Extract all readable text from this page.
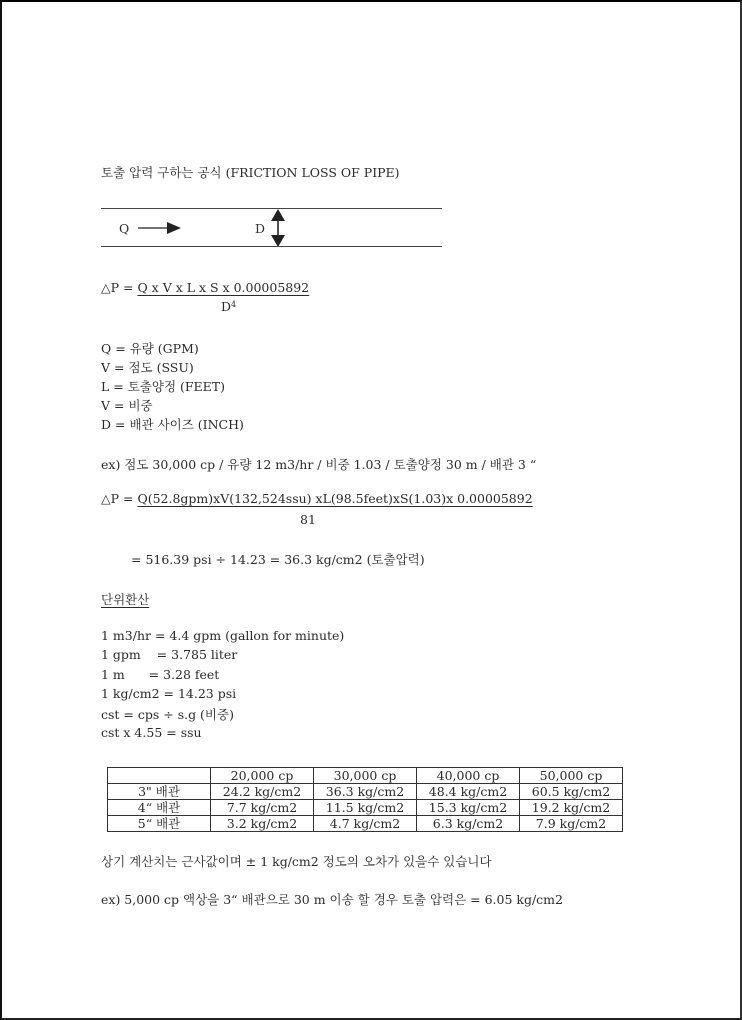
토출 압력 구하는 공식 (FRICTION LOSS OF PIPE)
Q	D
△P = Q x V x L x S x 0.00005892
$D^4$
Q = 유량 (GPM)
V = 점도 (SSU)
L = 토출양정 (FEET)
V = 비중
D = 배관 사이즈 (INCH)
ex) 점도 30,000 cp / 유량 12 m3/hr / 비중 1.03 / 토출양정 30 m / 배관 3 “
△P = Q(52.8gpm)xV(132,524ssu) xL(98.5feet)xS(1.03)x 0.00005892
81
= 516.39 psi ÷ 14.23 = 36.3 kg/cm2 (토출압력)
단위환산
1 m3/hr = 4.4 gpm (gallon for minute)
1 gpm    = 3.785 liter
1 m      = 3.28 feet
1 kg/cm2 = 14.23 psi
cst = cps ÷ s.g (비중)
cst x 4.55 = ssu
	20,000 cp	30,000 cp	40,000 cp	50,000 cp
3" 배관	24.2 kg/cm2	36.3 kg/cm2	48.4 kg/cm2	60.5 kg/cm2
4“ 배관	7.7 kg/cm2	11.5 kg/cm2	15.3 kg/cm2	19.2 kg/cm2
5“ 배관	3.2 kg/cm2	4.7 kg/cm2	6.3 kg/cm2	7.9 kg/cm2
상기 계산치는 근사값이며 ± 1 kg/cm2 정도의 오차가 있을수 있습니다
ex) 5,000 cp 액상을 3“ 배관으로 30 m 이송 할 경우 토출 압력은 = 6.05 kg/cm2
